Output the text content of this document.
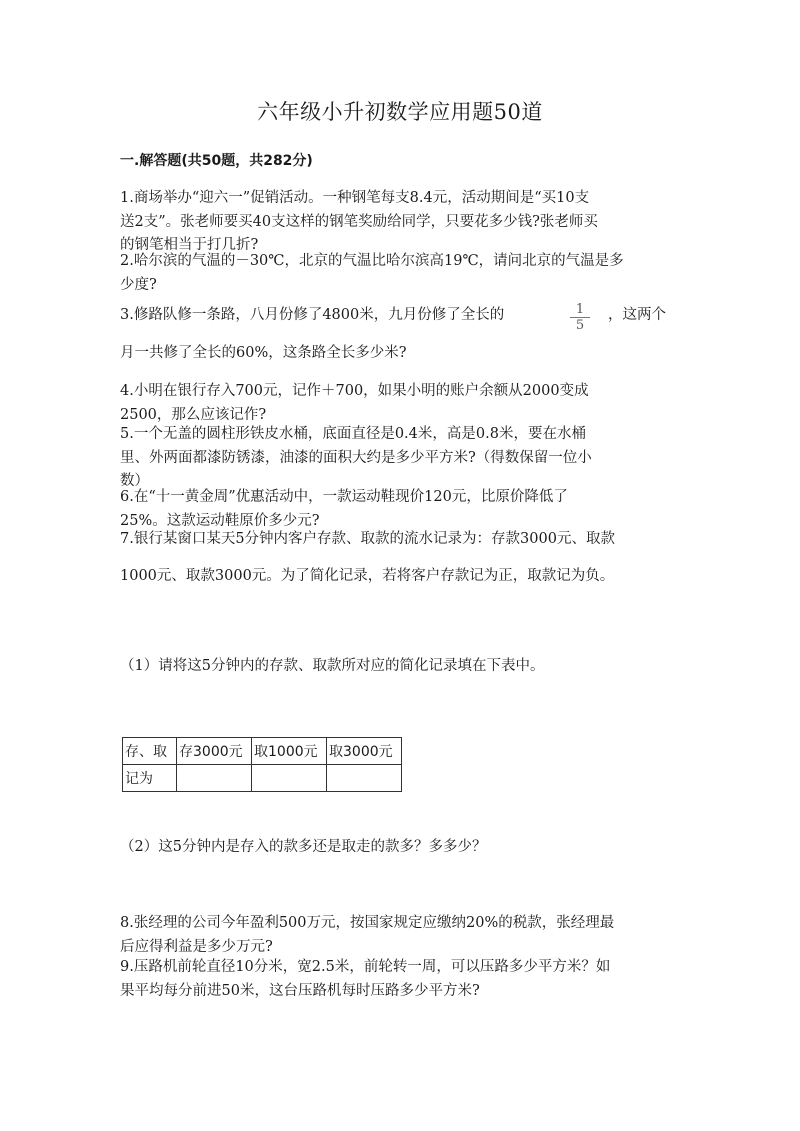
六年级小升初数学应用题50道
一.解答题(共50题，共282分)

1.商场举办“迎六一”促销活动。一种钢笔每支8.4元，活动期间是“买10支

送2支”。张老师要买40支这样的钢笔奖励给同学，只要花多少钱?张老师买

的钢笔相当于打几折?

2.哈尔滨的气温的－30℃，北京的气温比哈尔滨高19℃，请问北京的气温是多

少度?

3.修路队修一条路，八月份修了4800米，九月份修了全长的	$\frac{1}{5}$ ，这两个

月一共修了全长的60%，这条路全长多少米?

4.小明在银行存入700元，记作＋700，如果小明的账户余额从2000变成

2500，那么应该记作?

5.一个无盖的圆柱形铁皮水桶，底面直径是0.4米，高是0.8米，要在水桶

里、外两面都漆防锈漆，油漆的面积大约是多少平方米?（得数保留一位小

数）

6.在“十一黄金周”优惠活动中，一款运动鞋现价120元，比原价降低了

25%。这款运动鞋原价多少元?

7.银行某窗口某天5分钟内客户存款、取款的流水记录为：存款3000元、取款

1000元、取款3000元。为了简化记录，若将客户存款记为正，取款记为负。

（1）请将这5分钟内的存款、取款所对应的简化记录填在下表中。

存、取	存3000元	取1000元	取3000元
记为			

（2）这5分钟内是存入的款多还是取走的款多？多多少？

8.张经理的公司今年盈利500万元，按国家规定应缴纳20%的税款，张经理最

后应得利益是多少万元?

9.压路机前轮直径10分米，宽2.5米，前轮转一周，可以压路多少平方米？如

果平均每分前进50米，这台压路机每时压路多少平方米?
